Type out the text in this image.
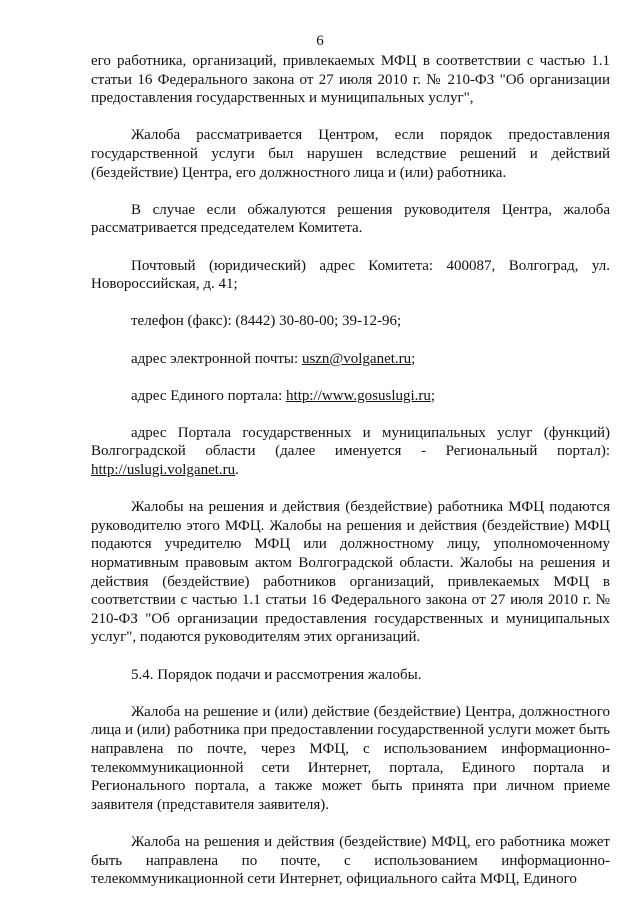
6

его работника, организаций, привлекаемых МФЦ в соответствии с частью 1.1 статьи 16 Федерального закона от 27 июля 2010 г. № 210-ФЗ "Об организации предоставления государственных и муниципальных услуг",

Жалоба рассматривается Центром, если порядок предоставления государственной услуги был нарушен вследствие решений и действий (бездействие) Центра, его должностного лица и (или) работника.

В случае если обжалуются решения руководителя Центра, жалоба рассматривается председателем Комитета.

Почтовый (юридический) адрес Комитета: 400087, Волгоград, ул. Новороссийская, д. 41;

телефон (факс): (8442) 30-80-00; 39-12-96;

адрес электронной почты: uszn@volganet.ru;

адрес Единого портала: http://www.gosuslugi.ru;

адрес Портала государственных и муниципальных услуг (функций) Волгоградской области (далее именуется - Региональный портал): http://uslugi.volganet.ru.

Жалобы на решения и действия (бездействие) работника МФЦ подаются руководителю этого МФЦ. Жалобы на решения и действия (бездействие) МФЦ подаются учредителю МФЦ или должностному лицу, уполномоченному нормативным правовым актом Волгоградской области. Жалобы на решения и действия (бездействие) работников организаций, привлекаемых МФЦ в соответствии с частью 1.1 статьи 16 Федерального закона от 27 июля 2010 г. № 210-ФЗ "Об организации предоставления государственных и муниципальных услуг", подаются руководителям этих организаций.

5.4. Порядок подачи и рассмотрения жалобы.

Жалоба на решение и (или) действие (бездействие) Центра, должностного лица и (или) работника при предоставлении государственной услуги может быть направлена по почте, через МФЦ, с использованием информационно-телекоммуникационной сети Интернет, портала, Единого портала и Регионального портала, а также может быть принята при личном приеме заявителя (представителя заявителя).

Жалоба на решения и действия (бездействие) МФЦ, его работника может быть направлена по почте, с использованием информационно-телекоммуникационной сети Интернет, официального сайта МФЦ, Единого
